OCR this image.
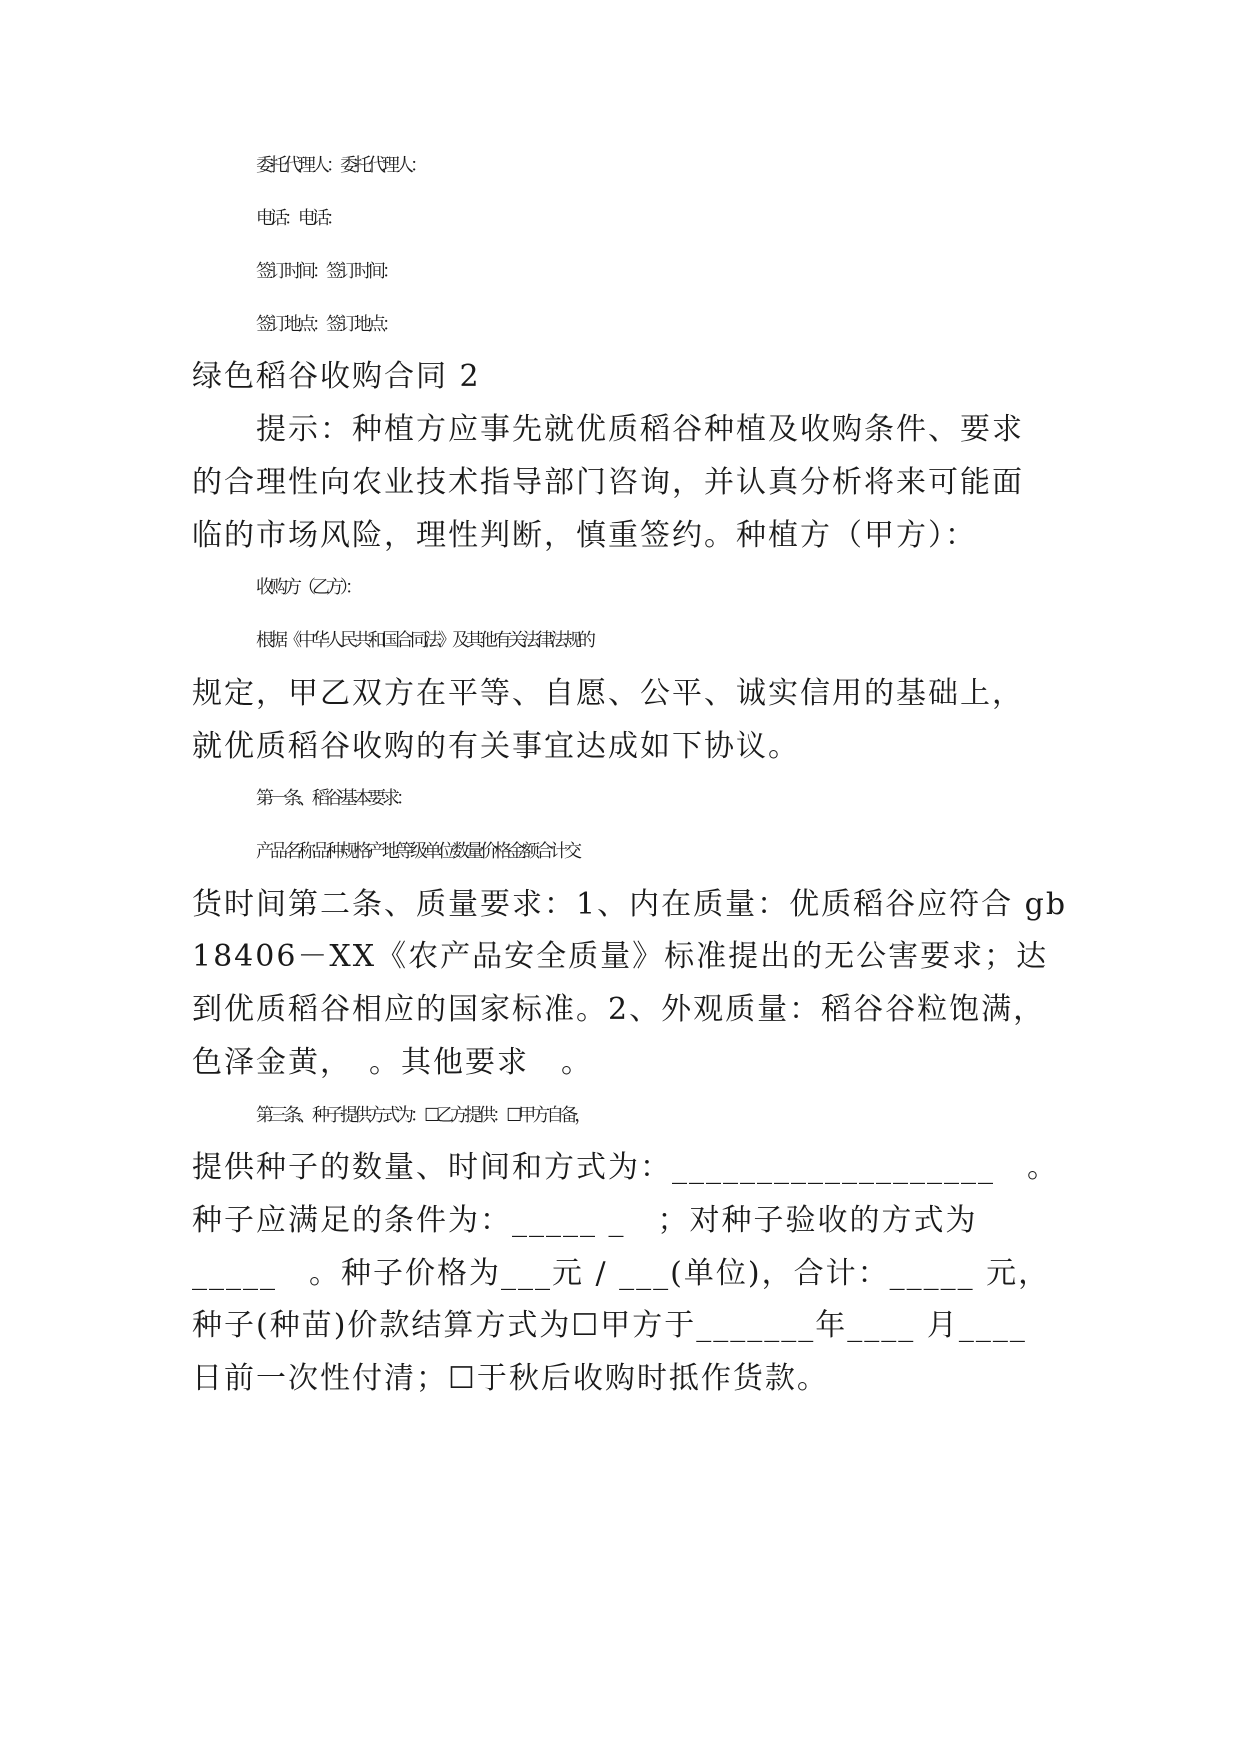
委托代理人：委托代理人：
电话：电话：
签订时间：签订时间：
签订地点：签订地点：
绿色稻谷收购合同 2
提示：种植方应事先就优质稻谷种植及收购条件、要求
的合理性向农业技术指导部门咨询，并认真分析将来可能面
临的市场风险，理性判断，慎重签约。种植方（甲方）：
收购方（乙方）：
根据《中华人民共和国合同法》及其他有关法律法规的
规定，甲乙双方在平等、自愿、公平、诚实信用的基础上，
就优质稻谷收购的有关事宜达成如下协议。
第一条、稻谷基本要求：
产品名称品种规格产地等级单位数量价格金额合计交
货时间第二条、质量要求：1、内在质量：优质稻谷应符合 gb
18406－XX《农产品安全质量》标准提出的无公害要求；达
到优质稻谷相应的国家标准。2、外观质量：稻谷谷粒饱满，
色泽金黄，　。其他要求　。
第三条、种子提供方式为：☐乙方提供：☐甲方自备，
提供种子的数量、时间和方式为：___________________　。
种子应满足的条件为：_____ _　；对种子验收的方式为
_____　。种子价格为___元 / ___(单位)，合计：_____ 元，
种子(种苗)价款结算方式为☐甲方于_______年____ 月____
日前一次性付清；☐于秋后收购时抵作货款。
